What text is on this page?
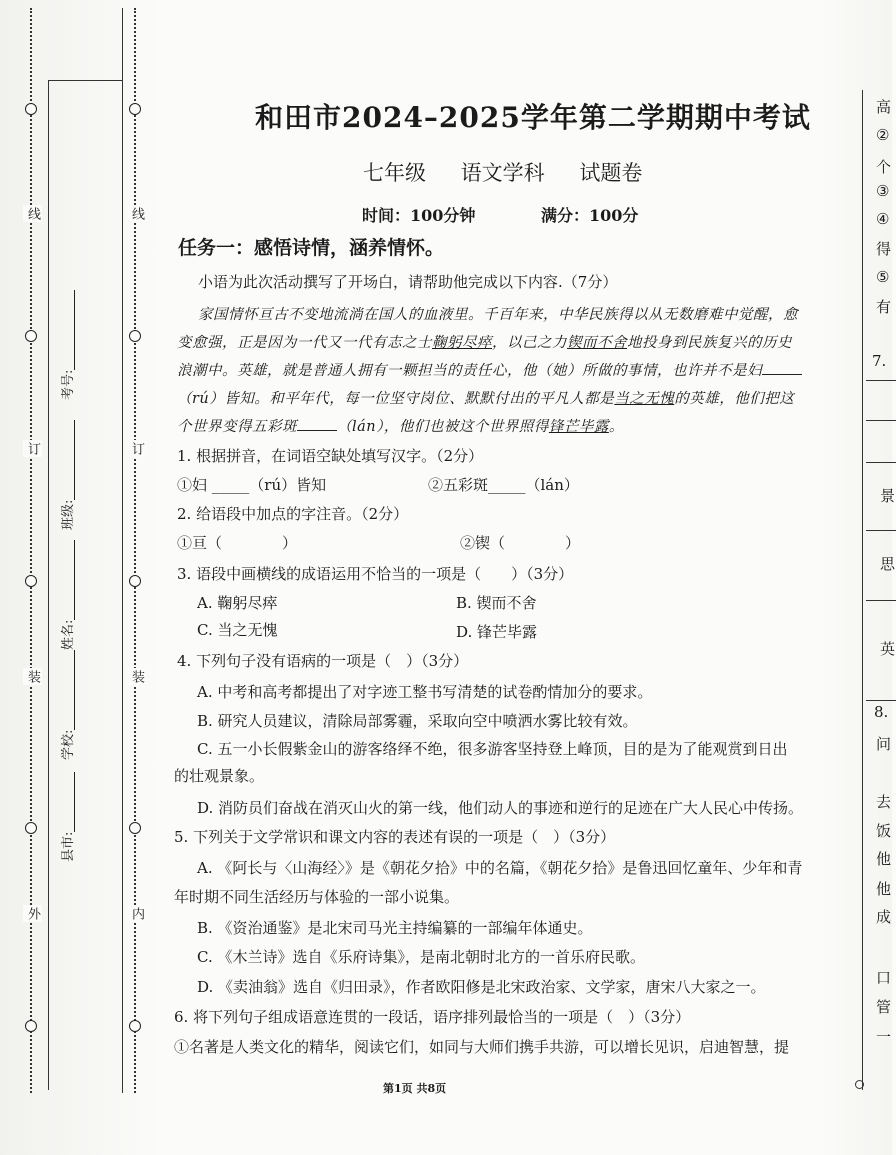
线
订
装
外
考号:
班级:
姓名:
学校:
县市:
线
订
装
内
高
②
个
③
④
得
⑤
有
7.
景
思
英
8.
问
去
饭
他
他
成
口
管
一
和田市2024–2025学年第二学期期中考试
七年级 语文学科 试题卷
时间：100分钟	满分：100分
任务一：感悟诗情，涵养情怀。
小语为此次活动撰写了开场白，请帮助他完成以下内容.（7分）
家国情怀亘古不变地流淌在国人的血液里。千百年来，中华民族得以从无数磨难中觉醒，愈
变愈强，正是因为一代又一代有志之士鞠躬尽瘁，以己之力锲而不舍地投身到民族复兴的历史
浪潮中。英雄，就是普通人拥有一颗担当的责任心，他（她）所做的事情，也许并不是妇
（rú）皆知。和平年代，每一位坚守岗位、默默付出的平凡人都是当之无愧的英雄，他们把这
个世界变得五彩斑	（lán），他们也被这个世界照得锋芒毕露。
1. 根据拼音，在词语空缺处填写汉字。（2分）
①妇 _____（rú）皆知	②五彩斑_____（lán）
2. 给语段中加点的字注音。（2分）
①亘（　　　　）	②锲（　　　　）
3. 语段中画横线的成语运用不恰当的一项是（　　）（3分）
A. 鞠躬尽瘁	B. 锲而不舍
C. 当之无愧	D. 锋芒毕露
4. 下列句子没有语病的一项是（　）（3分）
A. 中考和高考都提出了对字迹工整书写清楚的试卷酌情加分的要求。
B. 研究人员建议，清除局部雾霾，采取向空中喷洒水雾比较有效。
C. 五一小长假紫金山的游客络绎不绝，很多游客坚持登上峰顶，目的是为了能观赏到日出
的壮观景象。
D. 消防员们奋战在消灭山火的第一线，他们动人的事迹和逆行的足迹在广大人民心中传扬。
5. 下列关于文学常识和课文内容的表述有误的一项是（　）（3分）
A. 《阿长与〈山海经〉》是《朝花夕拾》中的名篇，《朝花夕拾》是鲁迅回忆童年、少年和青
年时期不同生活经历与体验的一部小说集。
B. 《资治通鉴》是北宋司马光主持编纂的一部编年体通史。
C. 《木兰诗》选自《乐府诗集》，是南北朝时北方的一首乐府民歌。
D. 《卖油翁》选自《归田录》，作者欧阳修是北宋政治家、文学家，唐宋八大家之一。
6. 将下列句子组成语意连贯的一段话，语序排列最恰当的一项是（　）（3分）
①名著是人类文化的精华，阅读它们，如同与大师们携手共游，可以增长见识，启迪智慧，提
第1页 共8页
